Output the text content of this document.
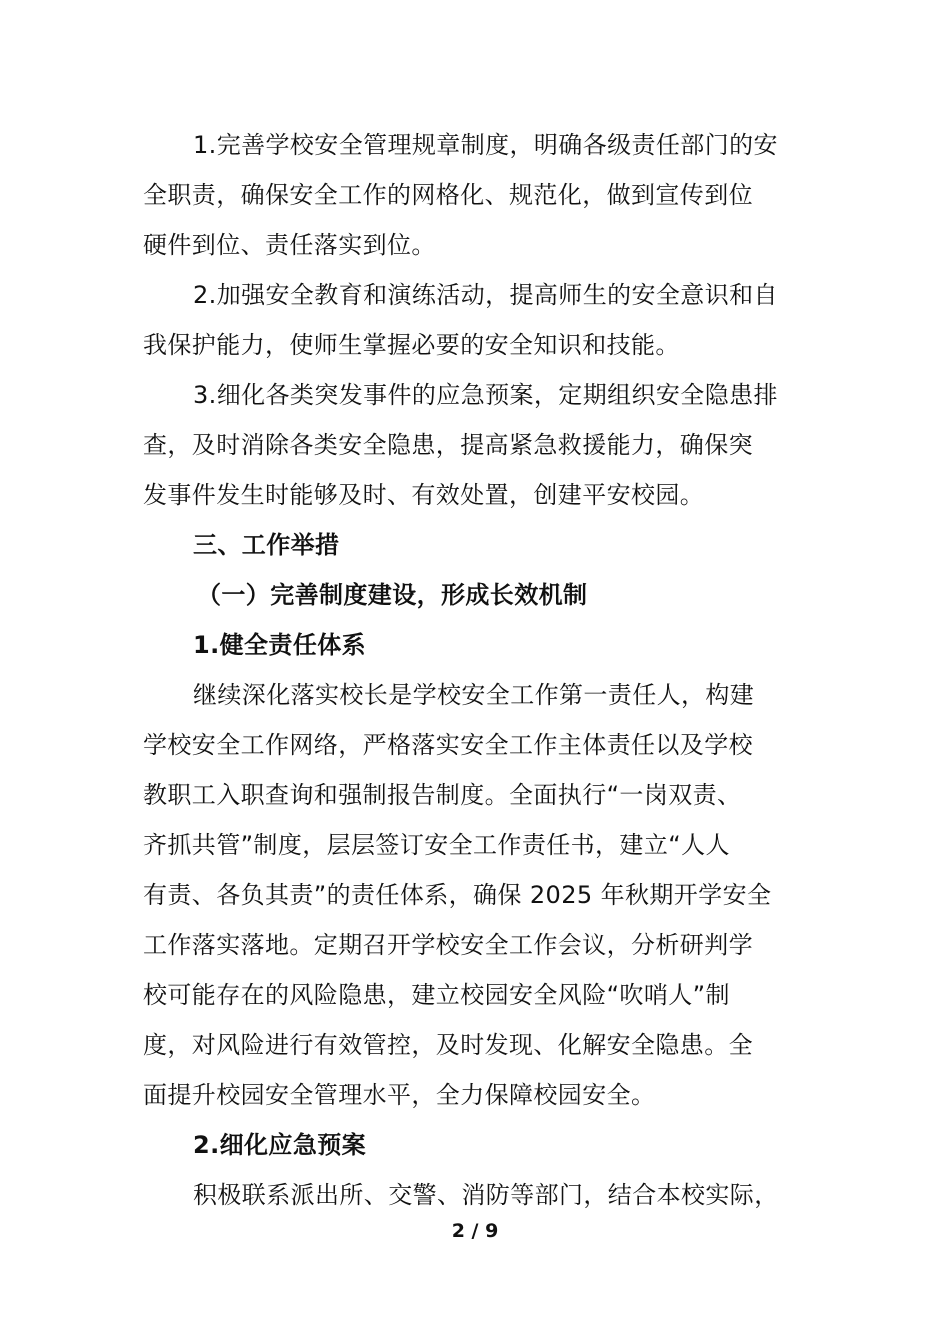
1.完善学校安全管理规章制度，明确各级责任部门的安
全职责，确保安全工作的网格化、规范化，做到宣传到位
硬件到位、责任落实到位。
2.加强安全教育和演练活动，提高师生的安全意识和自
我保护能力，使师生掌握必要的安全知识和技能。
3.细化各类突发事件的应急预案，定期组织安全隐患排
查，及时消除各类安全隐患，提高紧急救援能力，确保突
发事件发生时能够及时、有效处置，创建平安校园。
三、工作举措
（一）完善制度建设，形成长效机制
1.健全责任体系
继续深化落实校长是学校安全工作第一责任人，构建
学校安全工作网络，严格落实安全工作主体责任以及学校
教职工入职查询和强制报告制度。全面执行“一岗双责、
齐抓共管”制度，层层签订安全工作责任书，建立“人人
有责、各负其责”的责任体系，确保 2025 年秋期开学安全
工作落实落地。定期召开学校安全工作会议，分析研判学
校可能存在的风险隐患，建立校园安全风险“吹哨人”制
度，对风险进行有效管控，及时发现、化解安全隐患。全
面提升校园安全管理水平，全力保障校园安全。
2.细化应急预案
积极联系派出所、交警、消防等部门，结合本校实际，
2 / 9
